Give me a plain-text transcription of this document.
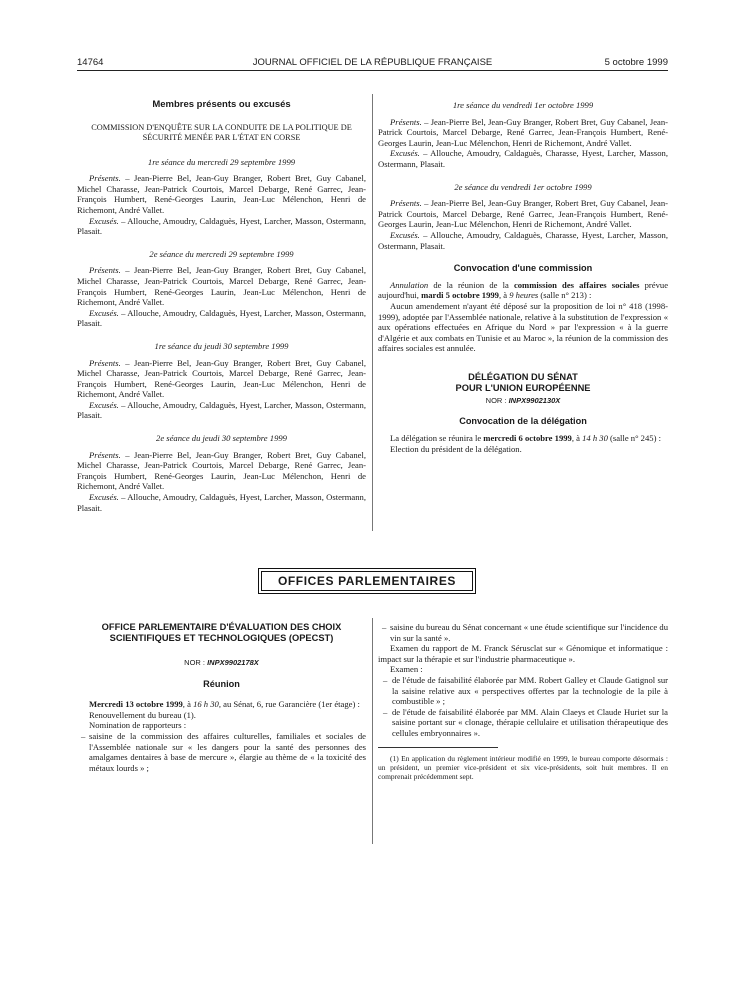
14764	JOURNAL OFFICIEL DE LA RÉPUBLIQUE FRANÇAISE	5 octobre 1999
Membres présents ou excusés
COMMISSION D'ENQUÊTE SUR LA CONDUITE DE LA POLITIQUE DE SÉCURITÉ MENÉE PAR L'ÉTAT EN CORSE
1re séance du mercredi 29 septembre 1999

Présents. – Jean-Pierre Bel, Jean-Guy Branger, Robert Bret, Guy Cabanel, Michel Charasse, Jean-Patrick Courtois, Marcel Debarge, René Garrec, Jean-François Humbert, René-Georges Laurin, Jean-Luc Mélenchon, Henri de Richemont, André Vallet.

Excusés. – Allouche, Amoudry, Caldaguès, Hyest, Larcher, Masson, Ostermann, Plasait.

2e séance du mercredi 29 septembre 1999

Présents. – Jean-Pierre Bel, Jean-Guy Branger, Robert Bret, Guy Cabanel, Michel Charasse, Jean-Patrick Courtois, Marcel Debarge, René Garrec, Jean-François Humbert, René-Georges Laurin, Jean-Luc Mélenchon, Henri de Richemont, André Vallet.

Excusés. – Allouche, Amoudry, Caldaguès, Hyest, Larcher, Masson, Ostermann, Plasait.

1re séance du jeudi 30 septembre 1999

Présents. – Jean-Pierre Bel, Jean-Guy Branger, Robert Bret, Guy Cabanel, Michel Charasse, Jean-Patrick Courtois, Marcel Debarge, René Garrec, Jean-François Humbert, René-Georges Laurin, Jean-Luc Mélenchon, Henri de Richemont, André Vallet.

Excusés. – Allouche, Amoudry, Caldaguès, Hyest, Larcher, Masson, Ostermann, Plasait.

2e séance du jeudi 30 septembre 1999

Présents. – Jean-Pierre Bel, Jean-Guy Branger, Robert Bret, Guy Cabanel, Michel Charasse, Jean-Patrick Courtois, Marcel Debarge, René Garrec, Jean-François Humbert, René-Georges Laurin, Jean-Luc Mélenchon, Henri de Richemont, André Vallet.

Excusés. – Allouche, Amoudry, Caldaguès, Hyest, Larcher, Masson, Ostermann, Plasait.

1re séance du vendredi 1er octobre 1999

Présents. – Jean-Pierre Bel, Jean-Guy Branger, Robert Bret, Guy Cabanel, Jean-Patrick Courtois, Marcel Debarge, René Garrec, Jean-François Humbert, René-Georges Laurin, Jean-Luc Mélenchon, Henri de Richemont, André Vallet.

Excusés. – Allouche, Amoudry, Caldaguès, Charasse, Hyest, Larcher, Masson, Ostermann, Plasait.

2e séance du vendredi 1er octobre 1999

Présents. – Jean-Pierre Bel, Jean-Guy Branger, Robert Bret, Guy Cabanel, Jean-Patrick Courtois, Marcel Debarge, René Garrec, Jean-François Humbert, René-Georges Laurin, Jean-Luc Mélenchon, Henri de Richemont, André Vallet.

Excusés. – Allouche, Amoudry, Caldaguès, Charasse, Hyest, Larcher, Masson, Ostermann, Plasait.

Convocation d'une commission

Annulation de la réunion de la commission des affaires sociales prévue aujourd'hui, mardi 5 octobre 1999, à 9 heures (salle n° 213) :

Aucun amendement n'ayant été déposé sur la proposition de loi n° 418 (1998-1999), adoptée par l'Assemblée nationale, relative à la substitution de l'expression « aux opérations effectuées en Afrique du Nord » par l'expression « à la guerre d'Algérie et aux combats en Tunisie et au Maroc », la réunion de la commission des affaires sociales est annulée.

DÉLÉGATION DU SÉNAT
POUR L'UNION EUROPÉENNE
NOR : INPX9902130X
Convocation de la délégation

La délégation se réunira le mercredi 6 octobre 1999, à 14 h 30 (salle n° 245) :

Election du président de la délégation.

OFFICES PARLEMENTAIRES
OFFICE PARLEMENTAIRE D'ÉVALUATION DES CHOIX
SCIENTIFIQUES ET TECHNOLOGIQUES (OPECST)
NOR : INPX9902178X
Réunion

Mercredi 13 octobre 1999, à 16 h 30, au Sénat, 6, rue Garancière (1er étage) :

Renouvellement du bureau (1).

Nomination de rapporteurs :

– saisine de la commission des affaires culturelles, familiales et sociales de l'Assemblée nationale sur « les dangers pour la santé des personnes des amalgames dentaires à base de mercure », élargie au thème de « la toxicité des métaux lourds » ;

– saisine du bureau du Sénat concernant « une étude scientifique sur l'incidence du vin sur la santé ».

Examen du rapport de M. Franck Sérusclat sur « Génomique et informatique : impact sur la thérapie et sur l'industrie pharmaceutique ».

Examen :

– de l'étude de faisabilité élaborée par MM. Robert Galley et Claude Gatignol sur la saisine relative aux « perspectives offertes par la technologie de la pile à combustible » ;

– de l'étude de faisabilité élaborée par MM. Alain Claeys et Claude Huriet sur la saisine portant sur « clonage, thérapie cellulaire et utilisation thérapeutique des cellules embryonnaires ».

(1) En application du règlement intérieur modifié en 1999, le bureau comporte désormais : un président, un premier vice-président et six vice-présidents, soit huit membres. Il en comprenait précédemment sept.
